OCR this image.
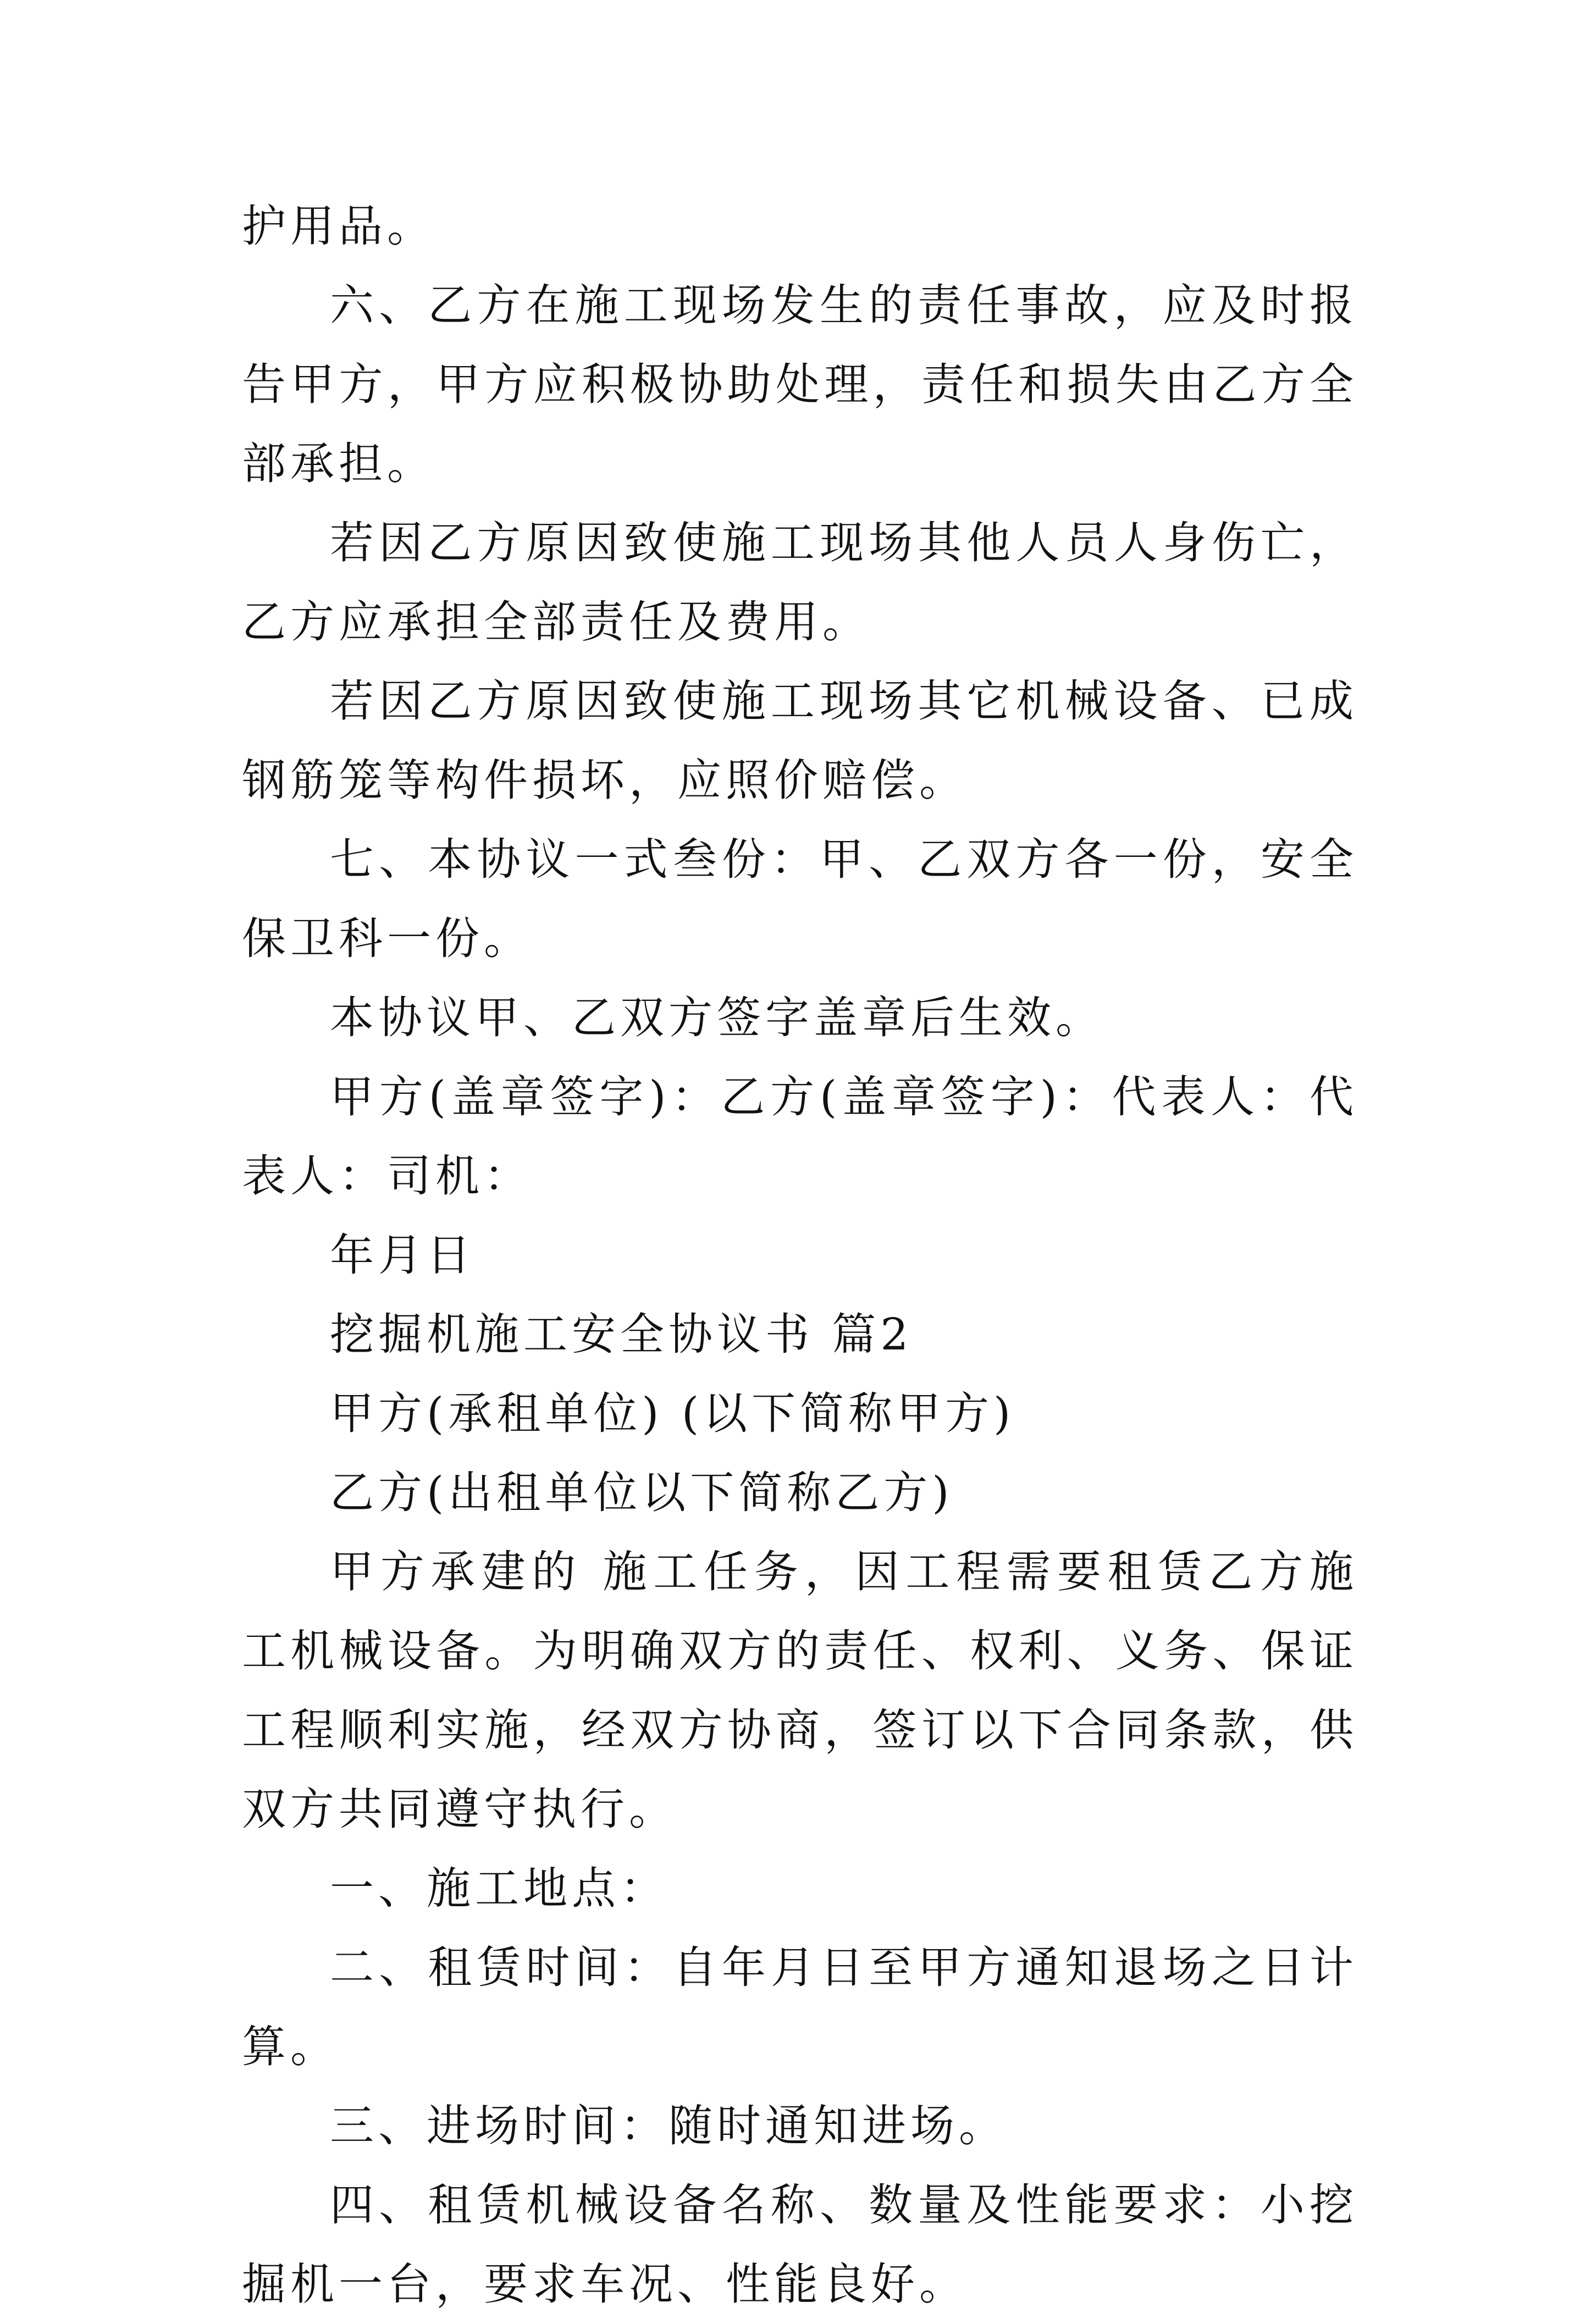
护用品。

六、乙方在施工现场发生的责任事故，应及时报告甲方，甲方应积极协助处理，责任和损失由乙方全部承担。

若因乙方原因致使施工现场其他人员人身伤亡，乙方应承担全部责任及费用。

若因乙方原因致使施工现场其它机械设备、已成钢筋笼等构件损坏，应照价赔偿。

七、本协议一式叁份：甲、乙双方各一份，安全保卫科一份。

本协议甲、乙双方签字盖章后生效。

甲方(盖章签字)：乙方(盖章签字)：代表人：代表人：司机：

年月日

挖掘机施工安全协议书 篇2

甲方(承租单位) (以下简称甲方)

乙方(出租单位以下简称乙方)

甲方承建的 施工任务，因工程需要租赁乙方施工机械设备。为明确双方的责任、权利、义务、保证工程顺利实施，经双方协商，签订以下合同条款，供双方共同遵守执行。

一、施工地点：

二、租赁时间：自年月日至甲方通知退场之日计算。

三、进场时间：随时通知进场。

四、租赁机械设备名称、数量及性能要求：小挖掘机一台，要求车况、性能良好。
